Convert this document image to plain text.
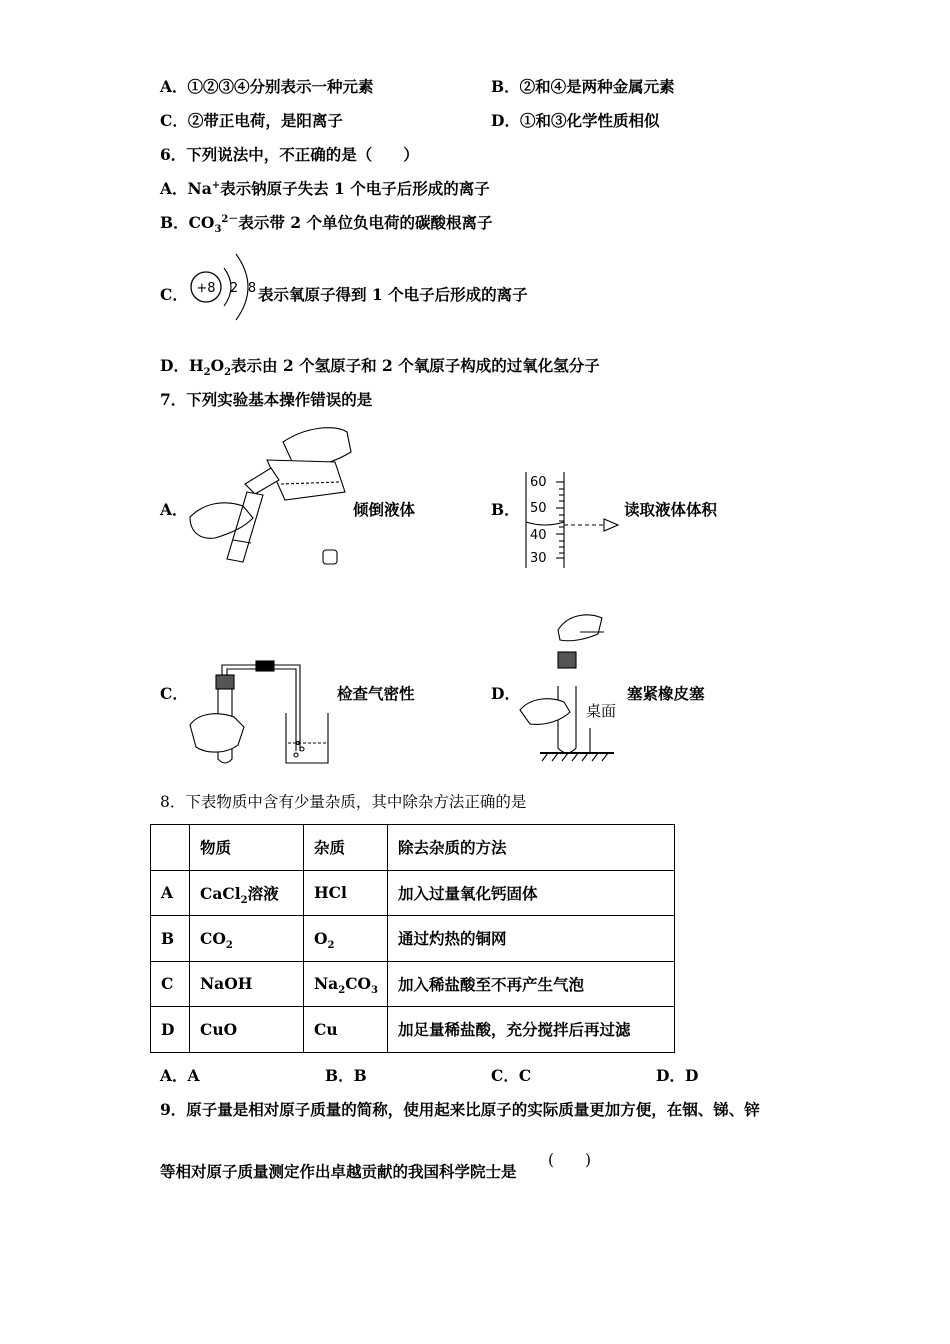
A．①②③④分别表示一种元素	B．②和④是两种金属元素
C．②带正电荷，是阳离子	D．①和③化学性质相似
6．下列说法中，不正确的是（　　）
A．Na+表示钠原子失去 1 个电子后形成的离子
B．$CO_3^{2-}$表示带 2 个单位负电荷的碳酸根离子
C． +8 2 8 表示氧原子得到 1 个电子后形成的离子
D．$H_2O_2$表示由 2 个氢原子和 2 个氧原子构成的过氧化氢分子
7．下列实验基本操作错误的是
A．	倾倒液体	B．
60
50
40
30
读取液体体积
C．	检查气密性	D．
桌面
塞紧橡皮塞
8．下表物质中含有少量杂质，其中除杂方法正确的是
	物质	杂质	除去杂质的方法
A	CaCl$_2$溶液	HCl	加入过量氧化钙固体
B	$CO_2$	$O_2$	通过灼热的铜网
C	NaOH	$Na_2CO_3$	加入稀盐酸至不再产生气泡
D	CuO	Cu	加足量稀盐酸，充分搅拌后再过滤
A．A	B．B	C．C	D．D
9．原子量是相对原子质量的简称，使用起来比原子的实际质量更加方便，在铟、锑、锌
等相对原子质量测定作出卓越贡献的我国科学院士是
(　　)
